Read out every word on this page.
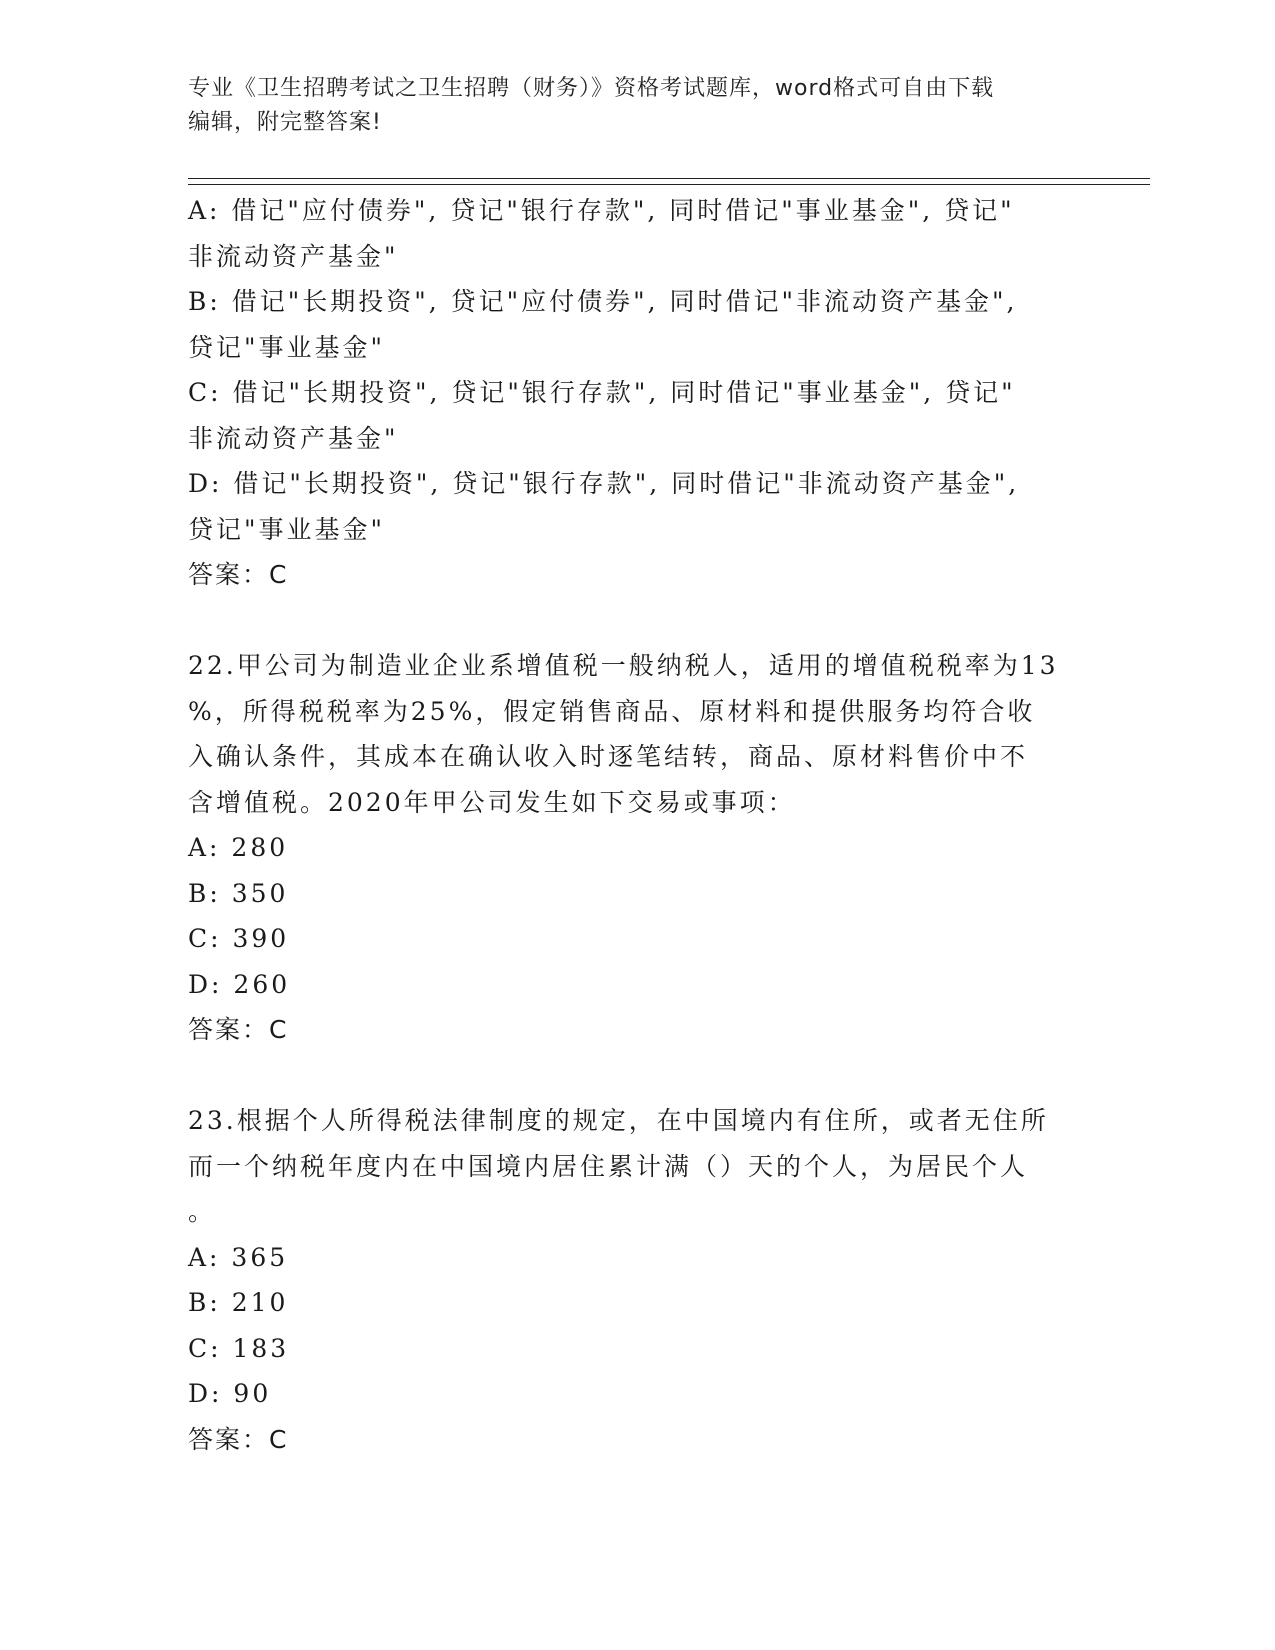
专业《卫生招聘考试之卫生招聘（财务）》资格考试题库，word格式可自由下载
编辑，附完整答案!
A: 借记"应付债券", 贷记"银行存款", 同时借记"事业基金", 贷记"
非流动资产基金"
B: 借记"长期投资", 贷记"应付债券", 同时借记"非流动资产基金",
贷记"事业基金"
C: 借记"长期投资", 贷记"银行存款", 同时借记"事业基金", 贷记"
非流动资产基金"
D: 借记"长期投资", 贷记"银行存款", 同时借记"非流动资产基金",
贷记"事业基金"
答案：C
22.甲公司为制造业企业系增值税一般纳税人，适用的增值税税率为13
%，所得税税率为25%，假定销售商品、原材料和提供服务均符合收
入确认条件，其成本在确认收入时逐笔结转，商品、原材料售价中不
含增值税。2020年甲公司发生如下交易或事项：
A: 280
B: 350
C: 390
D: 260
答案：C
23.根据个人所得税法律制度的规定，在中国境内有住所，或者无住所
而一个纳税年度内在中国境内居住累计满（）天的个人，为居民个人
。
A: 365
B: 210
C: 183
D: 90
答案：C
